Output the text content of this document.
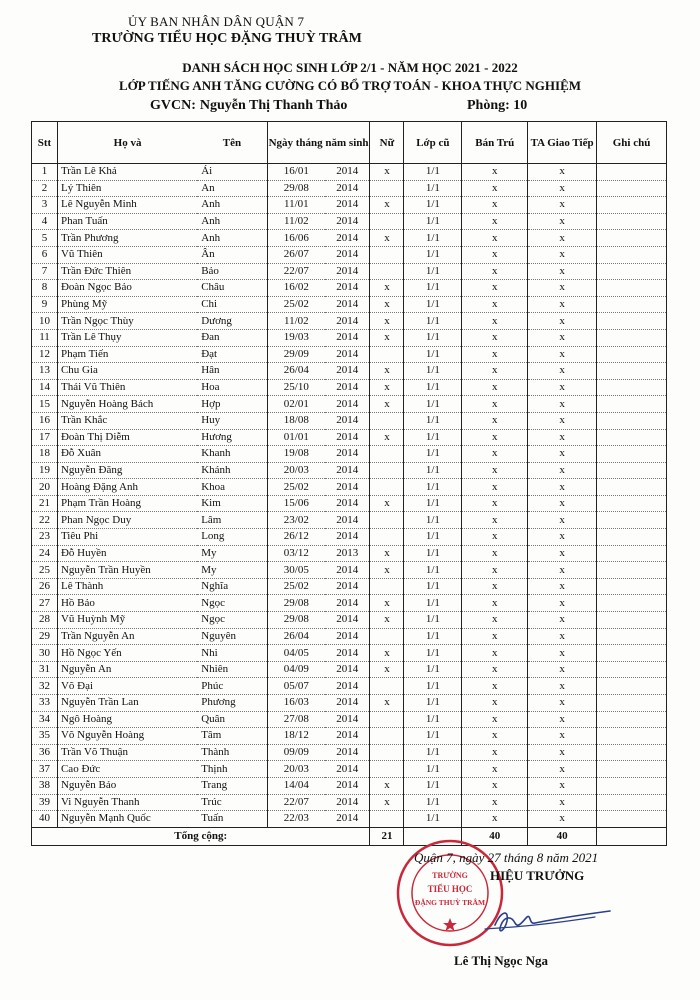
ỦY BAN NHÂN DÂN QUẬN 7
TRƯỜNG TIỂU HỌC ĐẶNG THUỲ TRÂM
DANH SÁCH HỌC SINH LỚP 2/1 - NĂM HỌC 2021 - 2022
LỚP TIẾNG ANH TĂNG CƯỜNG CÓ BỔ TRỢ TOÁN - KHOA THỰC NGHIỆM
GVCN: Nguyễn Thị Thanh Thảo	Phòng: 10
Stt	Họ và	Tên	Ngày tháng năm sinh		Nữ	Lớp cũ	Bán Trú	TA Giao Tiếp	Ghi chú
1	Trần Lê Khả	Ái	16/01	2014	x	1/1	x	x	
2	Lý Thiên	An	29/08	2014		1/1	x	x	
3	Lê Nguyễn Minh	Anh	11/01	2014	x	1/1	x	x	
4	Phan Tuấn	Anh	11/02	2014		1/1	x	x	
5	Trần Phương	Anh	16/06	2014	x	1/1	x	x	
6	Vũ Thiên	Ân	26/07	2014		1/1	x	x	
7	Trần Đức Thiên	Bảo	22/07	2014		1/1	x	x	
8	Đoàn Ngọc Bảo	Châu	16/02	2014	x	1/1	x	x	
9	Phùng Mỹ	Chi	25/02	2014	x	1/1	x	x	
10	Trần Ngọc Thùy	Dương	11/02	2014	x	1/1	x	x	
11	Trần Lê Thụy	Đan	19/03	2014	x	1/1	x	x	
12	Phạm Tiến	Đạt	29/09	2014		1/1	x	x	
13	Chu Gia	Hân	26/04	2014	x	1/1	x	x	
14	Thái Vũ Thiên	Hoa	25/10	2014	x	1/1	x	x	
15	Nguyễn Hoàng Bách	Hợp	02/01	2014	x	1/1	x	x	
16	Trần Khắc	Huy	18/08	2014		1/1	x	x	
17	Đoàn Thị Diễm	Hương	01/01	2014	x	1/1	x	x	
18	Đỗ Xuân	Khanh	19/08	2014		1/1	x	x	
19	Nguyễn Đăng	Khánh	20/03	2014		1/1	x	x	
20	Hoàng Đặng Anh	Khoa	25/02	2014		1/1	x	x	
21	Phạm Trần Hoàng	Kim	15/06	2014	x	1/1	x	x	
22	Phan Ngọc Duy	Lâm	23/02	2014		1/1	x	x	
23	Tiêu Phi	Long	26/12	2014		1/1	x	x	
24	Đỗ Huyền	My	03/12	2013	x	1/1	x	x	
25	Nguyễn Trần Huyền	My	30/05	2014	x	1/1	x	x	
26	Lê Thành	Nghĩa	25/02	2014		1/1	x	x	
27	Hồ Bảo	Ngọc	29/08	2014	x	1/1	x	x	
28	Vũ Huỳnh Mỹ	Ngọc	29/08	2014	x	1/1	x	x	
29	Trần Nguyễn An	Nguyên	26/04	2014		1/1	x	x	
30	Hồ Ngọc Yến	Nhi	04/05	2014	x	1/1	x	x	
31	Nguyễn An	Nhiên	04/09	2014	x	1/1	x	x	
32	Võ Đại	Phúc	05/07	2014		1/1	x	x	
33	Nguyễn Trần Lan	Phương	16/03	2014	x	1/1	x	x	
34	Ngô Hoàng	Quân	27/08	2014		1/1	x	x	
35	Võ Nguyễn Hoàng	Tâm	18/12	2014		1/1	x	x	
36	Trần Võ Thuận	Thành	09/09	2014		1/1	x	x	
37	Cao Đức	Thịnh	20/03	2014		1/1	x	x	
38	Nguyễn Bảo	Trang	14/04	2014	x	1/1	x	x	
39	Vi Nguyễn Thanh	Trúc	22/07	2014	x	1/1	x	x	
40	Nguyễn Mạnh Quốc	Tuấn	22/03	2014		1/1	x	x	
Tổng cộng:					21		40	40	
TRƯỜNG
TIỂU HỌC
ĐẶNG THUỲ TRÂM
Quận 7, ngày 27 tháng 8 năm 2021
HIỆU TRƯỞNG
Lê Thị Ngọc Nga
